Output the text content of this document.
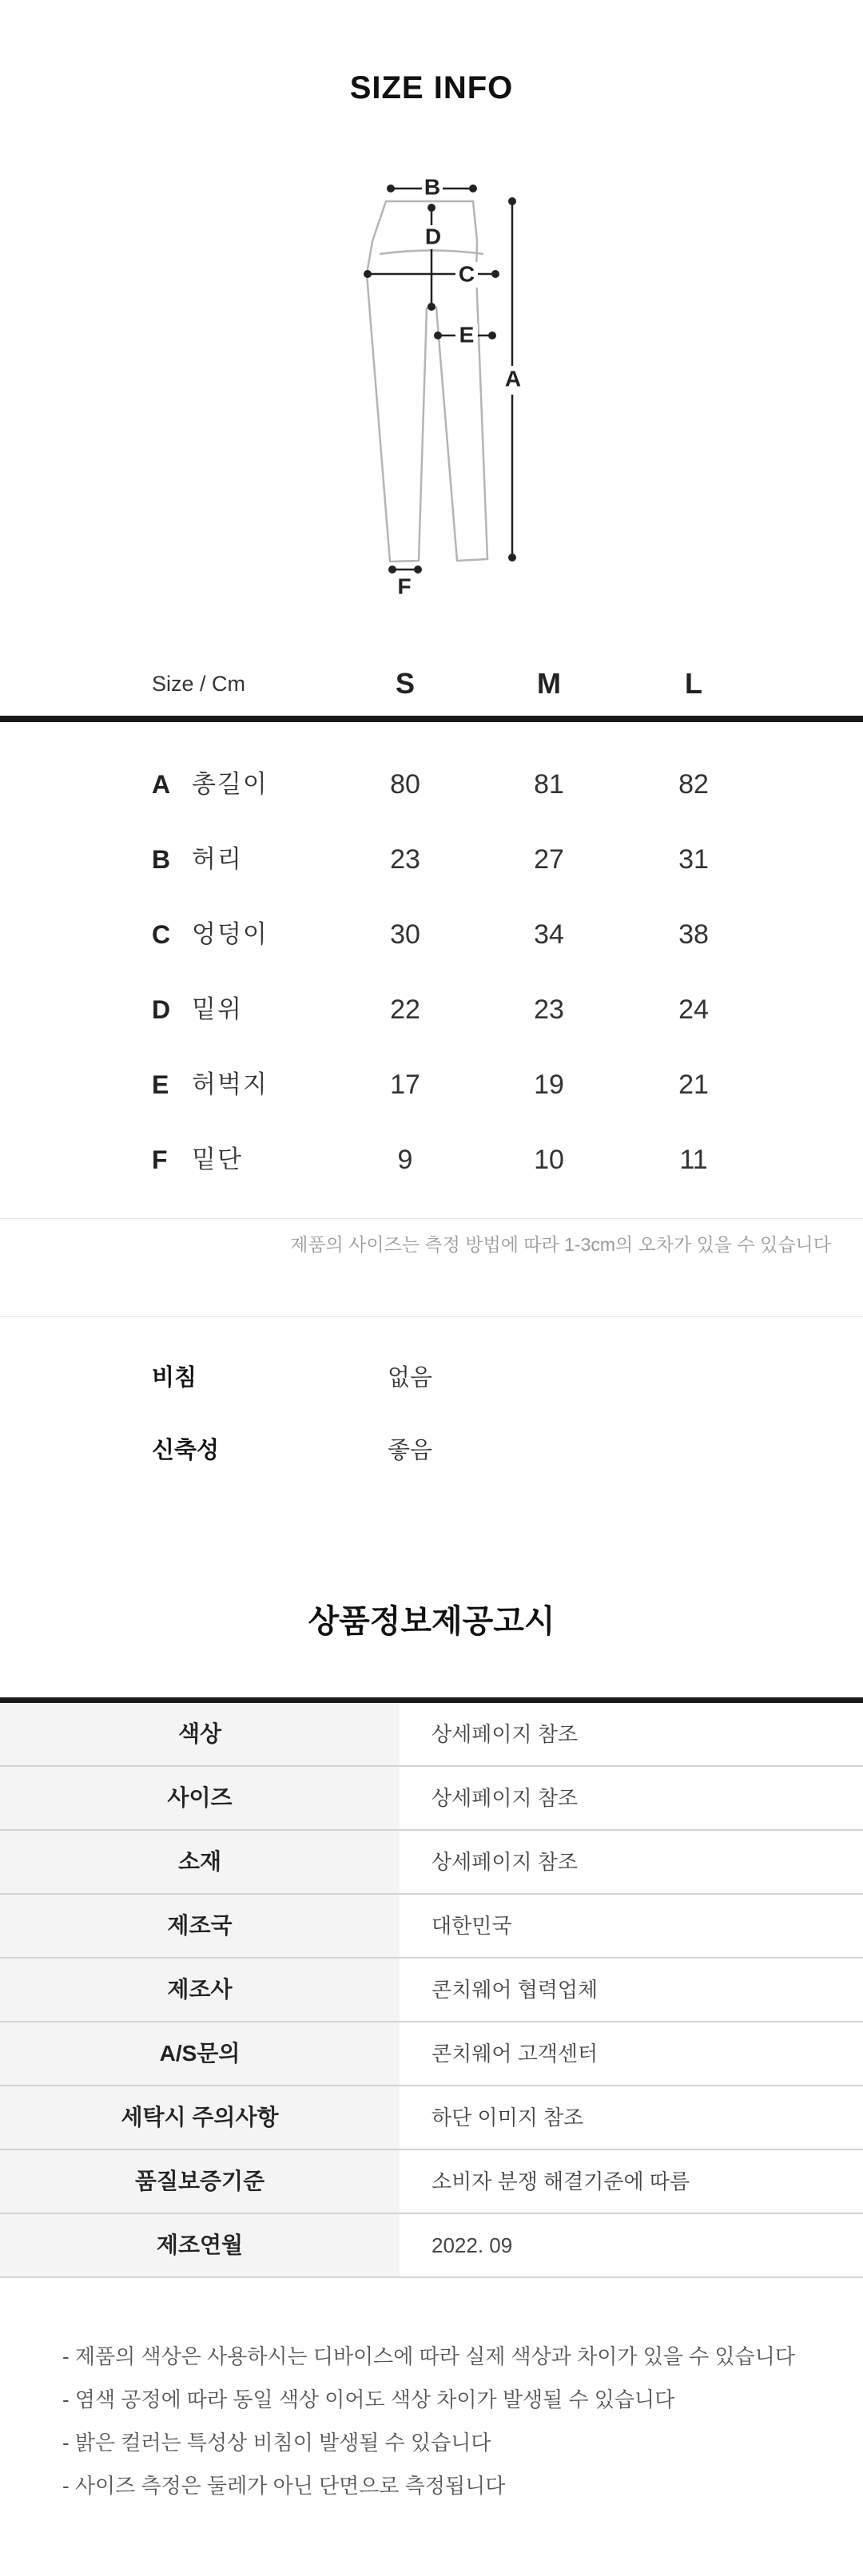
SIZE INFO
B
D
C
E
A
F
Size / Cm	S	M	L
A 총길이	80	81	82
B 허리	23	27	31
C 엉덩이	30	34	38
D 밑위	22	23	24
E 허벅지	17	19	21
F 밑단	9	10	11
제품의 사이즈는 측정 방법에 따라 1-3cm의 오차가 있을 수 있습니다
비침	없음
신축성	좋음
상품정보제공고시
색상	상세페이지 참조
사이즈	상세페이지 참조
소재	상세페이지 참조
제조국	대한민국
제조사	콘치웨어 협력업체
A/S문의	콘치웨어 고객센터
세탁시 주의사항	하단 이미지 참조
품질보증기준	소비자 분쟁 해결기준에 따름
제조연월	2022. 09
- 제품의 색상은 사용하시는 디바이스에 따라 실제 색상과 차이가 있을 수 있습니다
- 염색 공정에 따라 동일 색상 이어도 색상 차이가 발생될 수 있습니다
- 밝은 컬러는 특성상 비침이 발생될 수 있습니다
- 사이즈 측정은 둘레가 아닌 단면으로 측정됩니다
